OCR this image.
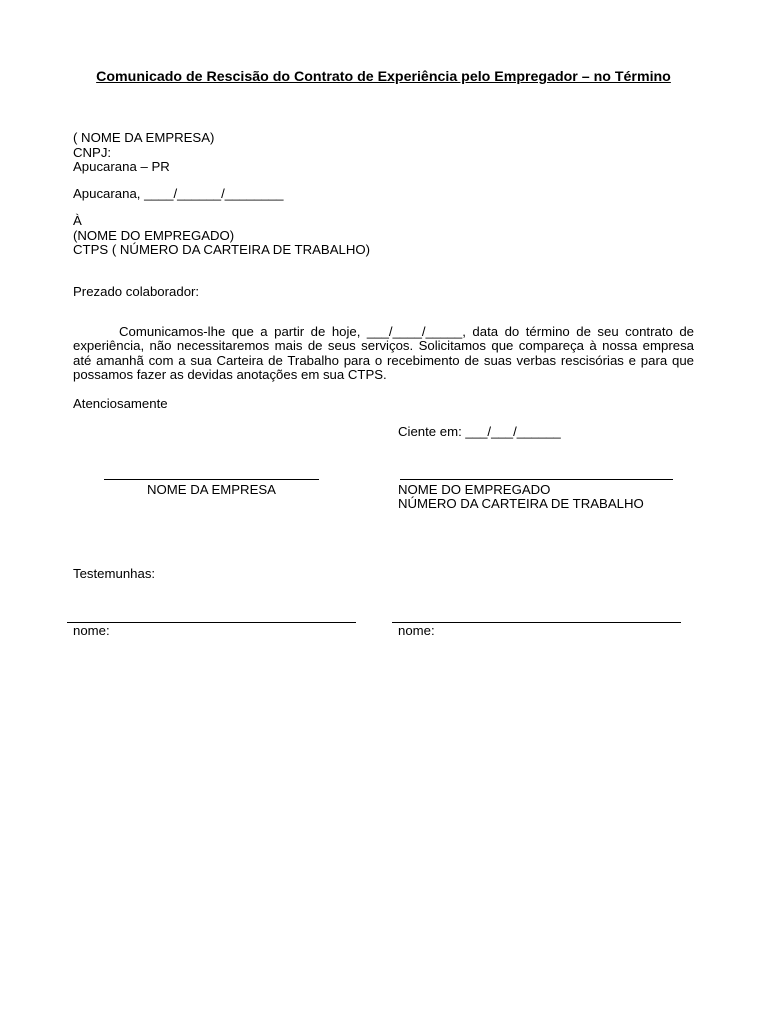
Comunicado de Rescisão do Contrato de Experiência pelo Empregador – no Término
( NOME DA EMPRESA)
CNPJ:
Apucarana – PR
Apucarana, ____/______/________
À
(NOME DO EMPREGADO)
CTPS ( NÚMERO DA CARTEIRA DE TRABALHO)
Prezado colaborador:
Comunicamos-lhe que a partir de hoje, ___/____/_____, data do término de seu contrato de experiência, não necessitaremos mais de seus serviços. Solicitamos que compareça à nossa empresa até amanhã com a sua Carteira de Trabalho para o recebimento de suas verbas rescisórias e para que possamos fazer as devidas anotações em sua CTPS.
Atenciosamente
Ciente em: ___/___/______
NOME DA EMPRESA	NOME DO EMPREGADO
NÚMERO DA CARTEIRA DE TRABALHO
Testemunhas:
nome:	nome:
